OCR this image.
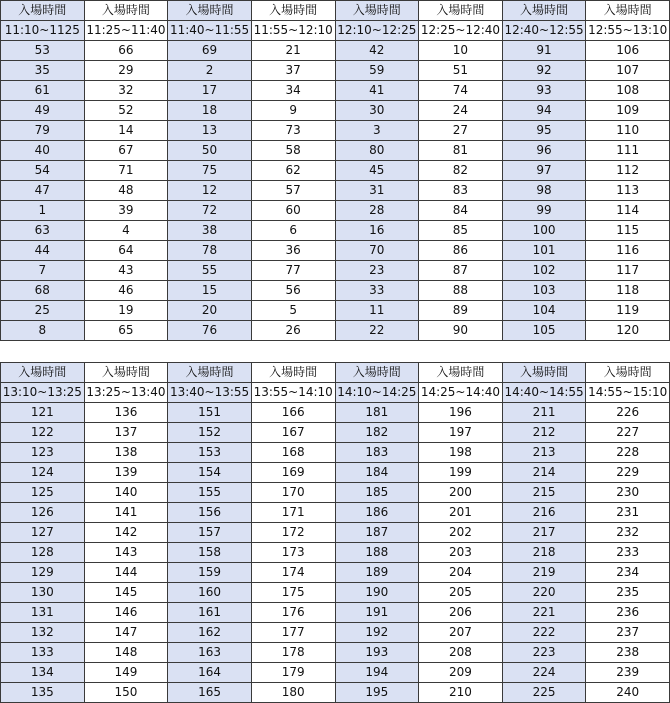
入場時間	入場時間	入場時間	入場時間	入場時間	入場時間	入場時間	入場時間
11:10~1125	11:25~11:40	11:40~11:55	11:55~12:10	12:10~12:25	12:25~12:40	12:40~12:55	12:55~13:10
53	66	69	21	42	10	91	106
35	29	2	37	59	51	92	107
61	32	17	34	41	74	93	108
49	52	18	9	30	24	94	109
79	14	13	73	3	27	95	110
40	67	50	58	80	81	96	111
54	71	75	62	45	82	97	112
47	48	12	57	31	83	98	113
1	39	72	60	28	84	99	114
63	4	38	6	16	85	100	115
44	64	78	36	70	86	101	116
7	43	55	77	23	87	102	117
68	46	15	56	33	88	103	118
25	19	20	5	11	89	104	119
8	65	76	26	22	90	105	120
入場時間	入場時間	入場時間	入場時間	入場時間	入場時間	入場時間	入場時間
13:10~13:25	13:25~13:40	13:40~13:55	13:55~14:10	14:10~14:25	14:25~14:40	14:40~14:55	14:55~15:10
121	136	151	166	181	196	211	226
122	137	152	167	182	197	212	227
123	138	153	168	183	198	213	228
124	139	154	169	184	199	214	229
125	140	155	170	185	200	215	230
126	141	156	171	186	201	216	231
127	142	157	172	187	202	217	232
128	143	158	173	188	203	218	233
129	144	159	174	189	204	219	234
130	145	160	175	190	205	220	235
131	146	161	176	191	206	221	236
132	147	162	177	192	207	222	237
133	148	163	178	193	208	223	238
134	149	164	179	194	209	224	239
135	150	165	180	195	210	225	240
